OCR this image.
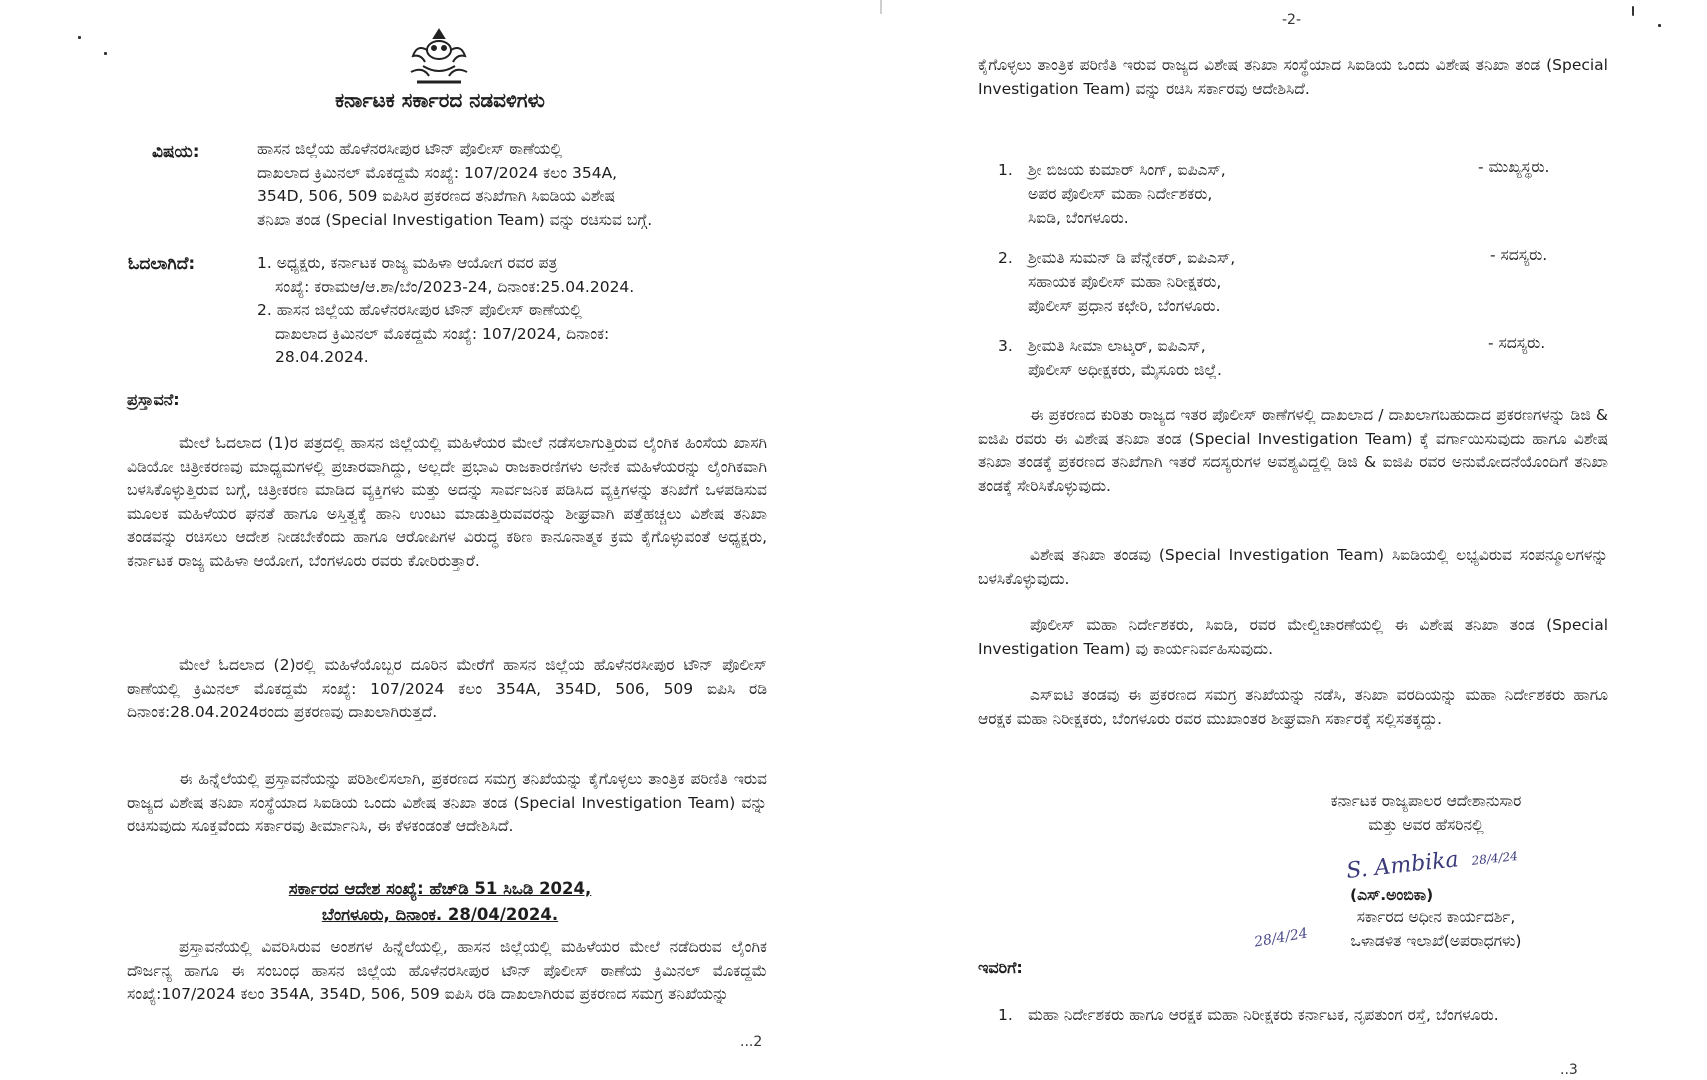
ಕರ್ನಾಟಕ ಸರ್ಕಾರದ ನಡವಳಿಗಳು
ವಿಷಯ:	ಹಾಸನ ಜಿಲ್ಲೆಯ ಹೊಳೆನರಸೀಪುರ ಟೌನ್ ಪೊಲೀಸ್ ಠಾಣೆಯಲ್ಲಿ
ದಾಖಲಾದ ಕ್ರಿಮಿನಲ್ ಮೊಕದ್ದಮೆ ಸಂಖ್ಯೆ: 107/2024 ಕಲಂ 354A,
354D, 506, 509 ಐಪಿಸಿರ ಪ್ರಕರಣದ ತನಿಖೆಗಾಗಿ ಸಿಐಡಿಯ ವಿಶೇಷ
ತನಿಖಾ ತಂಡ (Special Investigation Team) ವನ್ನು ರಚಿಸುವ ಬಗ್ಗೆ.
ಓದಲಾಗಿದೆ:	1. ಅಧ್ಯಕ್ಷರು, ಕರ್ನಾಟಕ ರಾಜ್ಯ ಮಹಿಳಾ ಆಯೋಗ ರವರ ಪತ್ರ
ಸಂಖ್ಯೆ: ಕರಾಮಆ/ಆ.ಶಾ/ಬೆಂ/2023-24, ದಿನಾಂಕ:25.04.2024.
2. ಹಾಸನ ಜಿಲ್ಲೆಯ ಹೊಳೆನರಸೀಪುರ ಟೌನ್ ಪೊಲೀಸ್ ಠಾಣೆಯಲ್ಲಿ
ದಾಖಲಾದ ಕ್ರಿಮಿನಲ್ ಮೊಕದ್ದಮೆ ಸಂಖ್ಯೆ: 107/2024, ದಿನಾಂಕ:
28.04.2024.
ಪ್ರಸ್ತಾವನೆ:
ಮೇಲೆ ಓದಲಾದ (1)ರ ಪತ್ರದಲ್ಲಿ ಹಾಸನ ಜಿಲ್ಲೆಯಲ್ಲಿ ಮಹಿಳೆಯರ ಮೇಲೆ ನಡೆಸಲಾಗುತ್ತಿರುವ ಲೈಂಗಿಕ ಹಿಂಸೆಯ ಖಾಸಗಿ ವಿಡಿಯೋ ಚಿತ್ರೀಕರಣವು ಮಾಧ್ಯಮಗಳಲ್ಲಿ ಪ್ರಚಾರವಾಗಿದ್ದು, ಅಲ್ಲದೇ ಪ್ರಭಾವಿ ರಾಜಕಾರಣಿಗಳು ಅನೇಕ ಮಹಿಳೆಯರನ್ನು ಲೈಂಗಿಕವಾಗಿ ಬಳಸಿಕೊಳ್ಳುತ್ತಿರುವ ಬಗ್ಗೆ, ಚಿತ್ರೀಕರಣ ಮಾಡಿದ ವ್ಯಕ್ತಿಗಳು ಮತ್ತು ಅದನ್ನು ಸಾರ್ವಜನಿಕ ಪಡಿಸಿದ ವ್ಯಕ್ತಿಗಳನ್ನು ತನಿಖೆಗೆ ಒಳಪಡಿಸುವ ಮೂಲಕ ಮಹಿಳೆಯರ ಘನತೆ ಹಾಗೂ ಅಸ್ತಿತ್ವಕ್ಕೆ ಹಾನಿ ಉಂಟು ಮಾಡುತ್ತಿರುವವರನ್ನು ಶೀಘ್ರವಾಗಿ ಪತ್ತೆಹಚ್ಚಲು ವಿಶೇಷ ತನಿಖಾ ತಂಡವನ್ನು ರಚಿಸಲು ಆದೇಶ ನೀಡಬೇಕೆಂದು ಹಾಗೂ ಆರೋಪಿಗಳ ವಿರುದ್ಧ ಕಠಿಣ ಕಾನೂನಾತ್ಮಕ ಕ್ರಮ ಕೈಗೊಳ್ಳುವಂತೆ ಅಧ್ಯಕ್ಷರು, ಕರ್ನಾಟಕ ರಾಜ್ಯ ಮಹಿಳಾ ಆಯೋಗ, ಬೆಂಗಳೂರು ರವರು ಕೋರಿರುತ್ತಾರೆ.
ಮೇಲೆ ಓದಲಾದ (2)ರಲ್ಲಿ ಮಹಿಳೆಯೊಬ್ಬರ ದೂರಿನ ಮೇರೆಗೆ ಹಾಸನ ಜಿಲ್ಲೆಯ ಹೊಳೆನರಸೀಪುರ ಟೌನ್ ಪೊಲೀಸ್ ಠಾಣೆಯಲ್ಲಿ ಕ್ರಿಮಿನಲ್ ಮೊಕದ್ದಮೆ ಸಂಖ್ಯೆ: 107/2024 ಕಲಂ 354A, 354D, 506, 509 ಐಪಿಸಿ ರಡಿ ದಿನಾಂಕ:28.04.2024ರಂದು ಪ್ರಕರಣವು ದಾಖಲಾಗಿರುತ್ತದೆ.
ಈ ಹಿನ್ನೆಲೆಯಲ್ಲಿ ಪ್ರಸ್ತಾವನೆಯನ್ನು ಪರಿಶೀಲಿಸಲಾಗಿ, ಪ್ರಕರಣದ ಸಮಗ್ರ ತನಿಖೆಯನ್ನು ಕೈಗೊಳ್ಳಲು ತಾಂತ್ರಿಕ ಪರಿಣಿತಿ ಇರುವ ರಾಜ್ಯದ ವಿಶೇಷ ತನಿಖಾ ಸಂಸ್ಥೆಯಾದ ಸಿಐಡಿಯ ಒಂದು ವಿಶೇಷ ತನಿಖಾ ತಂಡ (Special Investigation Team) ವನ್ನು ರಚಿಸುವುದು ಸೂಕ್ತವೆಂದು ಸರ್ಕಾರವು ತೀರ್ಮಾನಿಸಿ, ಈ ಕೆಳಕಂಡಂತೆ ಆದೇಶಿಸಿದೆ.
ಸರ್ಕಾರದ ಆದೇಶ ಸಂಖ್ಯೆ: ಹೆಚ್‌ಡಿ 51 ಸಿಒಡಿ 2024,
ಬೆಂಗಳೂರು, ದಿನಾಂಕ. 28/04/2024.
ಪ್ರಸ್ತಾವನೆಯಲ್ಲಿ ವಿವರಿಸಿರುವ ಅಂಶಗಳ ಹಿನ್ನೆಲೆಯಲ್ಲಿ, ಹಾಸನ ಜಿಲ್ಲೆಯಲ್ಲಿ ಮಹಿಳೆಯರ ಮೇಲೆ ನಡೆದಿರುವ ಲೈಂಗಿಕ ದೌರ್ಜನ್ಯ ಹಾಗೂ ಈ ಸಂಬಂಧ ಹಾಸನ ಜಿಲ್ಲೆಯ ಹೊಳೆನರಸೀಪುರ ಟೌನ್ ಪೊಲೀಸ್ ಠಾಣೆಯ ಕ್ರಿಮಿನಲ್ ಮೊಕದ್ದಮೆ ಸಂಖ್ಯೆ:107/2024 ಕಲಂ 354A, 354D, 506, 509 ಐಪಿಸಿ ರಡಿ ದಾಖಲಾಗಿರುವ ಪ್ರಕರಣದ ಸಮಗ್ರ ತನಿಖೆಯನ್ನು
...2
-2-
ಕೈಗೊಳ್ಳಲು ತಾಂತ್ರಿಕ ಪರಿಣಿತಿ ಇರುವ ರಾಜ್ಯದ ವಿಶೇಷ ತನಿಖಾ ಸಂಸ್ಥೆಯಾದ ಸಿಐಡಿಯ ಒಂದು ವಿಶೇಷ ತನಿಖಾ ತಂಡ (Special Investigation Team) ವನ್ನು ರಚಿಸಿ ಸರ್ಕಾರವು ಆದೇಶಿಸಿದೆ.
1. ಶ್ರೀ ಬಿಜಯ ಕುಮಾರ್ ಸಿಂಗ್, ಐಪಿಎಸ್,
ಅಪರ ಪೊಲೀಸ್ ಮಹಾ ನಿರ್ದೇಶಕರು,
ಸಿಐಡಿ, ಬೆಂಗಳೂರು.
- ಮುಖ್ಯಸ್ಥರು.
2. ಶ್ರೀಮತಿ ಸುಮನ್ ಡಿ ಪೆನ್ನೇಕರ್, ಐಪಿಎಸ್,
ಸಹಾಯಕ ಪೊಲೀಸ್ ಮಹಾ ನಿರೀಕ್ಷಕರು,
ಪೊಲೀಸ್ ಪ್ರಧಾನ ಕಛೇರಿ, ಬೆಂಗಳೂರು.
- ಸದಸ್ಯರು.
3. ಶ್ರೀಮತಿ ಸೀಮಾ ಲಾಟ್ಕರ್, ಐಪಿಎಸ್,
ಪೊಲೀಸ್ ಅಧೀಕ್ಷಕರು, ಮೈಸೂರು ಜಿಲ್ಲೆ.
- ಸದಸ್ಯರು.
ಈ ಪ್ರಕರಣದ ಕುರಿತು ರಾಜ್ಯದ ಇತರ ಪೊಲೀಸ್ ಠಾಣೆಗಳಲ್ಲಿ ದಾಖಲಾದ / ದಾಖಲಾಗಬಹುದಾದ ಪ್ರಕರಣಗಳನ್ನು ಡಿಜಿ & ಐಜಿಪಿ ರವರು ಈ ವಿಶೇಷ ತನಿಖಾ ತಂಡ (Special Investigation Team) ಕ್ಕೆ ವರ್ಗಾಯಿಸುವುದು ಹಾಗೂ ವಿಶೇಷ ತನಿಖಾ ತಂಡಕ್ಕೆ ಪ್ರಕರಣದ ತನಿಖೆಗಾಗಿ ಇತರೆ ಸದಸ್ಯರುಗಳ ಅವಶ್ಯವಿದ್ದಲ್ಲಿ ಡಿಜಿ & ಐಜಿಪಿ ರವರ ಅನುಮೋದನೆಯೊಂದಿಗೆ ತನಿಖಾ ತಂಡಕ್ಕೆ ಸೇರಿಸಿಕೊಳ್ಳುವುದು.
ವಿಶೇಷ ತನಿಖಾ ತಂಡವು (Special Investigation Team) ಸಿಐಡಿಯಲ್ಲಿ ಲಭ್ಯವಿರುವ ಸಂಪನ್ಮೂಲಗಳನ್ನು ಬಳಸಿಕೊಳ್ಳುವುದು.
ಪೊಲೀಸ್ ಮಹಾ ನಿರ್ದೇಶಕರು, ಸಿಐಡಿ, ರವರ ಮೇಲ್ವಿಚಾರಣೆಯಲ್ಲಿ ಈ ವಿಶೇಷ ತನಿಖಾ ತಂಡ (Special Investigation Team) ವು ಕಾರ್ಯನಿರ್ವಹಿಸುವುದು.
ಎಸ್‌ಐಟಿ ತಂಡವು ಈ ಪ್ರಕರಣದ ಸಮಗ್ರ ತನಿಖೆಯನ್ನು ನಡೆಸಿ, ತನಿಖಾ ವರದಿಯನ್ನು ಮಹಾ ನಿರ್ದೇಶಕರು ಹಾಗೂ ಆರಕ್ಷಕ ಮಹಾ ನಿರೀಕ್ಷಕರು, ಬೆಂಗಳೂರು ರವರ ಮುಖಾಂತರ ಶೀಘ್ರವಾಗಿ ಸರ್ಕಾರಕ್ಕೆ ಸಲ್ಲಿಸತಕ್ಕದ್ದು.
ಕರ್ನಾಟಕ ರಾಜ್ಯಪಾಲರ ಆದೇಶಾನುಸಾರ
ಮತ್ತು ಅವರ ಹೆಸರಿನಲ್ಲಿ
S. Ambika 28/4/24
(ಎಸ್.ಅಂಬಿಕಾ)
ಸರ್ಕಾರದ ಅಧೀನ ಕಾರ್ಯದರ್ಶಿ,
ಒಳಾಡಳಿತ ಇಲಾಖೆ(ಅಪರಾಧಗಳು)
28/4/24
ಇವರಿಗೆ:
1. ಮಹಾ ನಿರ್ದೇಶಕರು ಹಾಗೂ ಆರಕ್ಷಕ ಮಹಾ ನಿರೀಕ್ಷಕರು ಕರ್ನಾಟಕ, ನೃಪತುಂಗ ರಸ್ತೆ, ಬೆಂಗಳೂರು.
..3
